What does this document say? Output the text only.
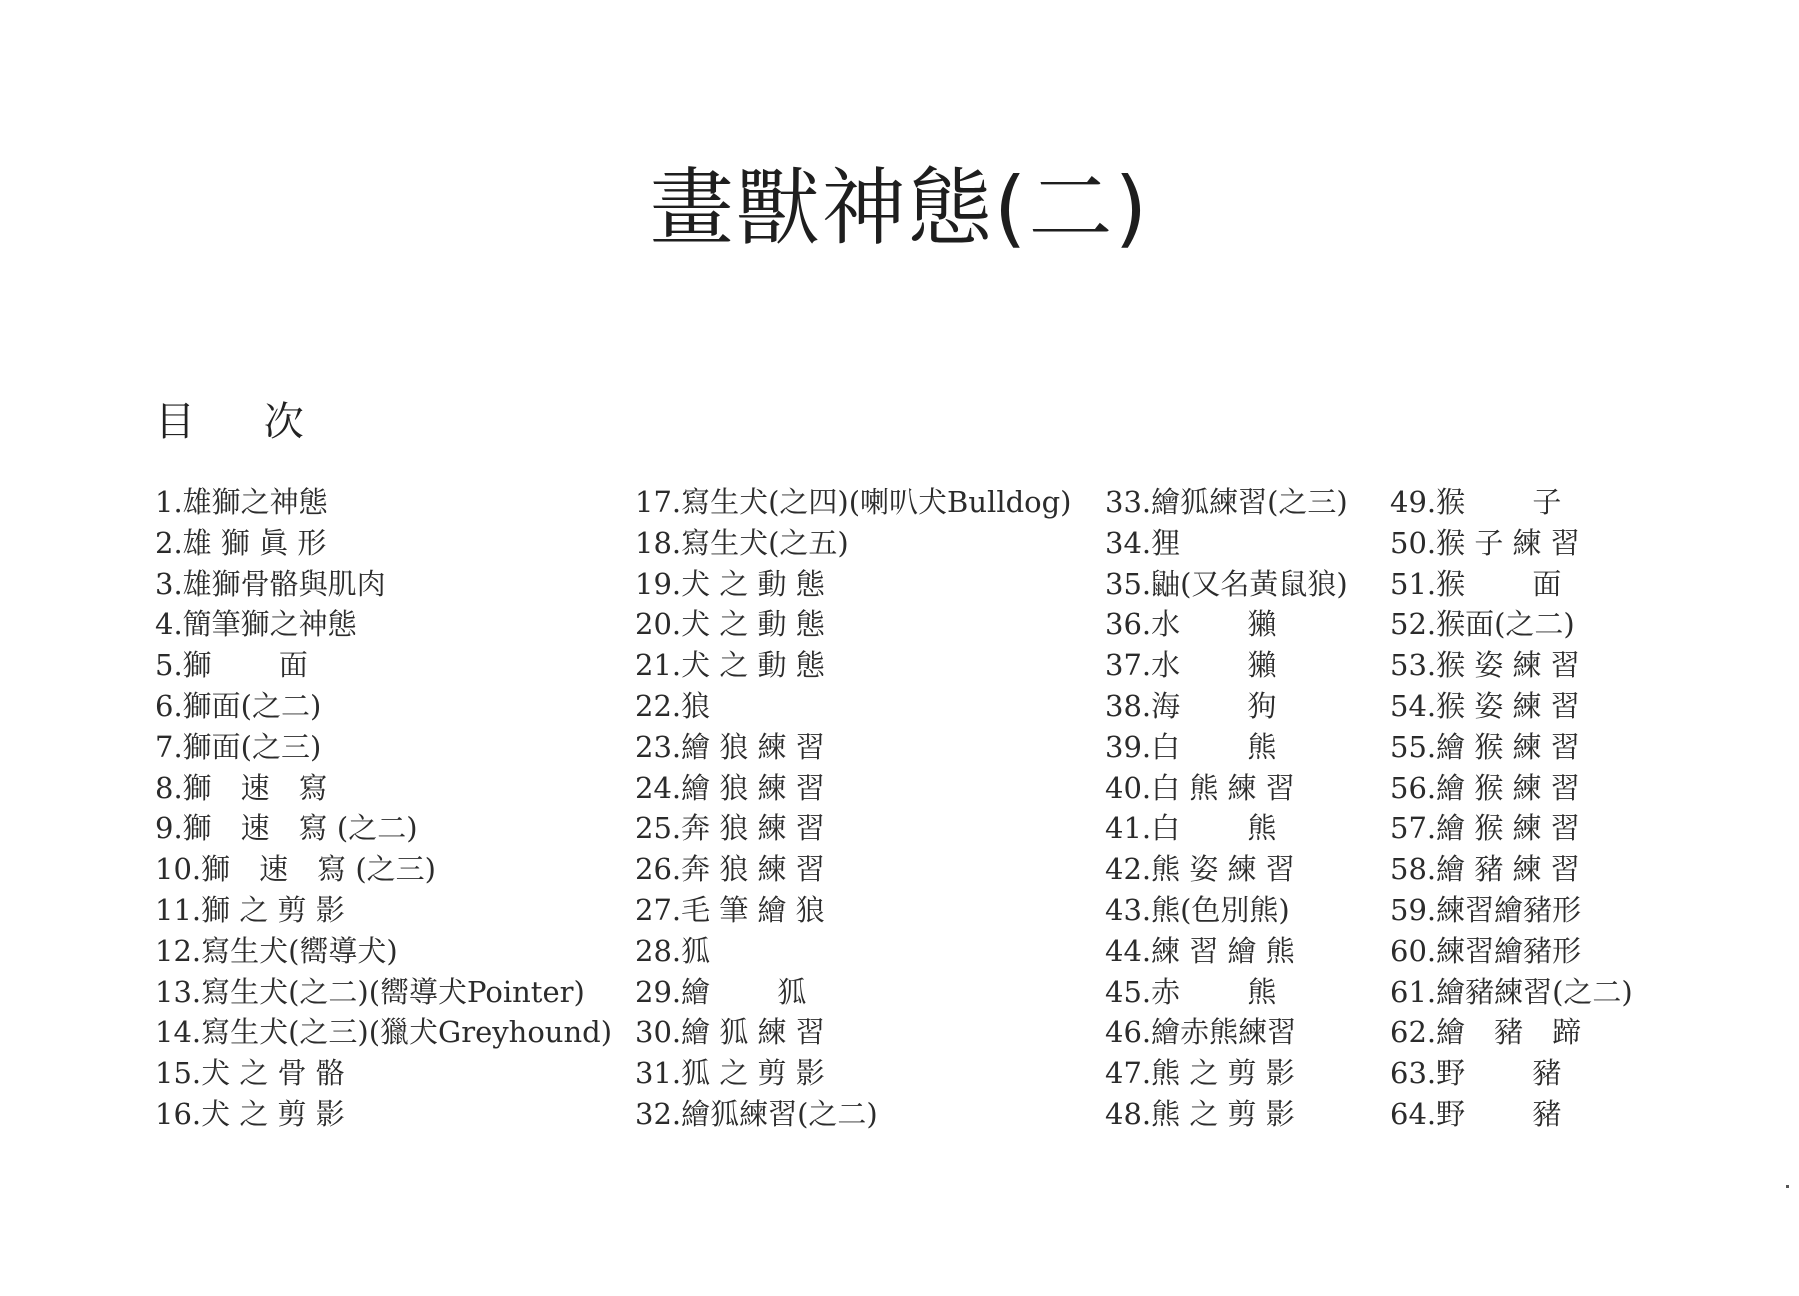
畫獸神態(二)
目 次
1.雄獅之神態
2.雄 獅 眞 形
3.雄獅骨骼與肌肉
4.簡筆獅之神態
5.獅　　 面
6.獅面(之二)
7.獅面(之三)
8.獅　速　寫
9.獅　速　寫 (之二)
10.獅　速　寫 (之三)
11.獅 之 剪 影
12.寫生犬(嚮導犬)
13.寫生犬(之二)(嚮導犬Pointer)
14.寫生犬(之三)(獵犬Greyhound)
15.犬 之 骨 骼
16.犬 之 剪 影
17.寫生犬(之四)(喇叭犬Bulldog)
18.寫生犬(之五)
19.犬 之 動 態
20.犬 之 動 態
21.犬 之 動 態
22.狼
23.繪 狼 練 習
24.繪 狼 練 習
25.奔 狼 練 習
26.奔 狼 練 習
27.毛 筆 繪 狼
28.狐
29.繪　　 狐
30.繪 狐 練 習
31.狐 之 剪 影
32.繪狐練習(之二)
33.繪狐練習(之三)
34.狸
35.鼬(又名黃鼠狼)
36.水　　 獺
37.水　　 獺
38.海　　 狗
39.白　　 熊
40.白 熊 練 習
41.白　　 熊
42.熊 姿 練 習
43.熊(色別熊)
44.練 習 繪 熊
45.赤　　 熊
46.繪赤熊練習
47.熊 之 剪 影
48.熊 之 剪 影
49.猴　　 子
50.猴 子 練 習
51.猴　　 面
52.猴面(之二)
53.猴 姿 練 習
54.猴 姿 練 習
55.繪 猴 練 習
56.繪 猴 練 習
57.繪 猴 練 習
58.繪 豬 練 習
59.練習繪豬形
60.練習繪豬形
61.繪豬練習(之二)
62.繪　豬　蹄
63.野　　 豬
64.野　　 豬
